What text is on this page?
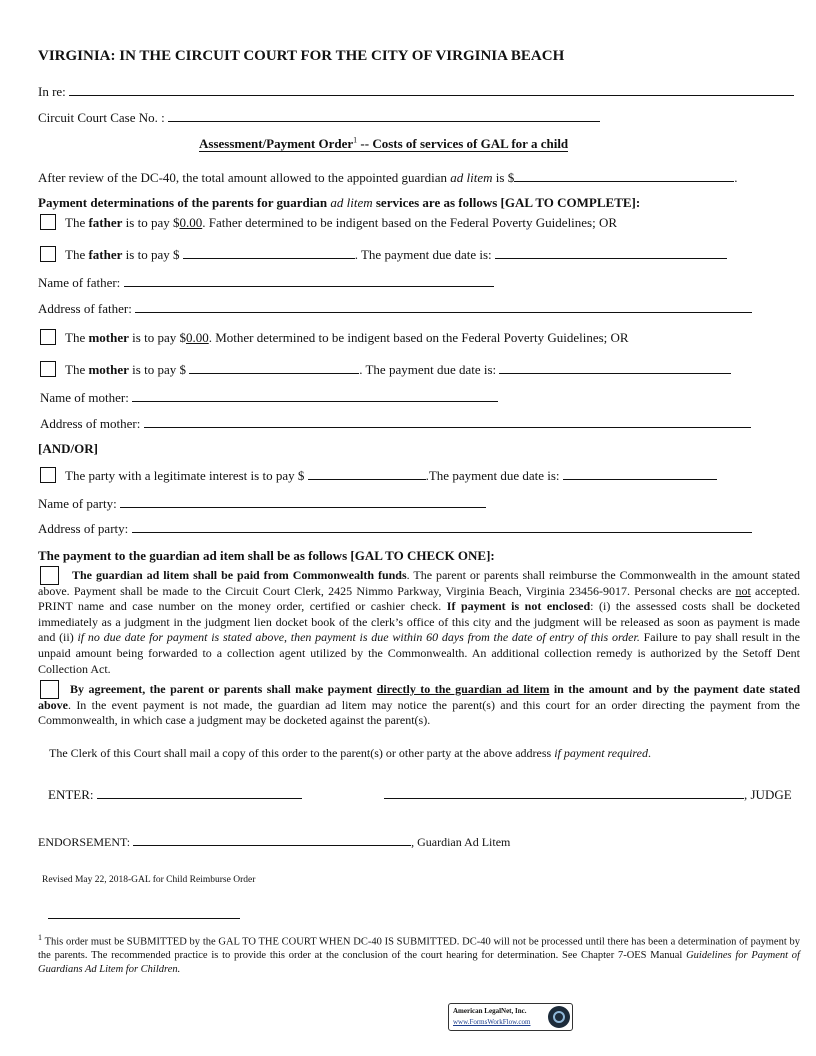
VIRGINIA: IN THE CIRCUIT COURT FOR THE CITY OF VIRGINIA BEACH
In re:
Circuit Court Case No. :
Assessment/Payment Order$^1$ -- Costs of services of GAL for a child
After review of the DC-40, the total amount allowed to the appointed guardian ad litem is $	.
Payment determinations of the parents for guardian ad litem services are as follows [GAL TO COMPLETE]:
The father is to pay $0.00. Father determined to be indigent based on the Federal Poverty Guidelines; OR
The father is to pay $	. The payment due date is:
Name of father:
Address of father:
The mother is to pay $0.00. Mother determined to be indigent based on the Federal Poverty Guidelines; OR
The mother is to pay $	. The payment due date is:
Name of mother:
Address of mother:
[AND/OR]
The party with a legitimate interest is to pay $	.The payment due date is:
Name of party:
Address of party:
The payment to the guardian ad item shall be as follows [GAL TO CHECK ONE]:
The guardian ad litem shall be paid from Commonwealth funds. The parent or parents shall reimburse the Commonwealth in the amount stated above. Payment shall be made to the Circuit Court Clerk, 2425 Nimmo Parkway, Virginia Beach, Virginia 23456-9017. Personal checks are not accepted. PRINT name and case number on the money order, certified or cashier check. If payment is not enclosed: (i) the assessed costs shall be docketed immediately as a judgment in the judgment lien docket book of the clerk’s office of this city and the judgment will be released as soon as payment is made and (ii) if no due date for payment is stated above, then payment is due within 60 days from the date of entry of this order. Failure to pay shall result in the unpaid amount being forwarded to a collection agent utilized by the Commonwealth. An additional collection remedy is authorized by the Setoff Dent Collection Act.
By agreement, the parent or parents shall make payment directly to the guardian ad litem in the amount and by the payment date stated above. In the event payment is not made, the guardian ad litem may notice the parent(s) and this court for an order directing the payment from the Commonwealth, in which case a judgment may be docketed against the parent(s).
The Clerk of this Court shall mail a copy of this order to the parent(s) or other party at the above address if payment required.
ENTER:	, JUDGE
ENDORSEMENT:	, Guardian Ad Litem
Revised May 22, 2018-GAL for Child Reimburse Order
$^1$ This order must be SUBMITTED by the GAL TO THE COURT WHEN DC-40 IS SUBMITTED. DC-40 will not be processed until there has been a determination of payment by the parents. The recommended practice is to provide this order at the conclusion of the court hearing for determination. See Chapter 7-OES Manual Guidelines for Payment of Guardians Ad Litem for Children.
American LegalNet, Inc.
www.FormsWorkFlow.com
